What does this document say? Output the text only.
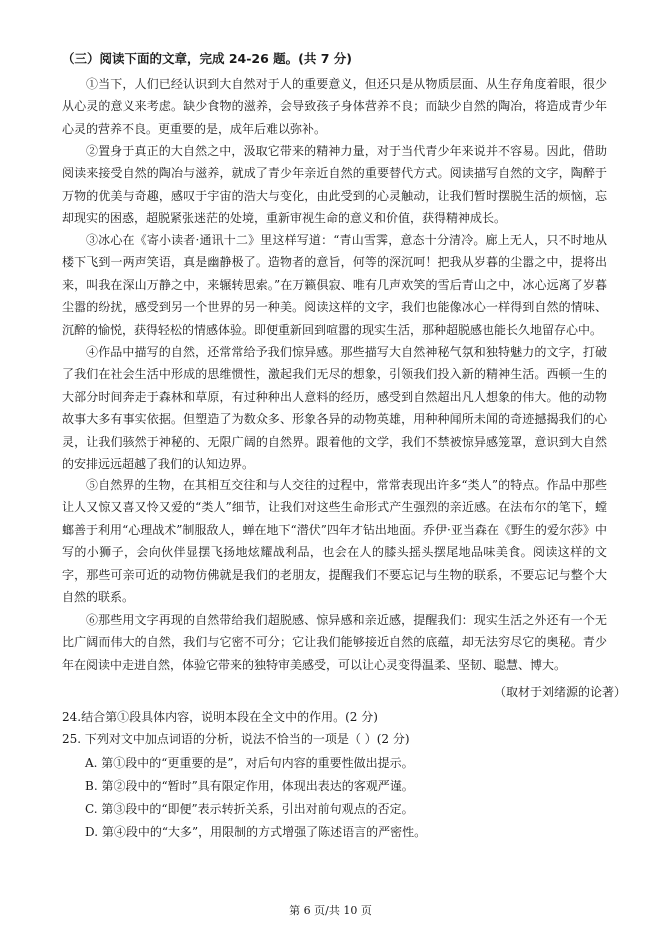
（三）阅读下面的文章，完成 24-26 题。(共 7 分)

①当下，人们已经认识到大自然对于人的重要意义，但还只是从物质层面、从生存角度着眼，很少从心灵的意义来考虑。缺少食物的滋养，会导致孩子身体营养不良；而缺少自然的陶冶，将造成青少年心灵的营养不良。更重要的是，成年后难以弥补。

②置身于真正的大自然之中，汲取它带来的精神力量，对于当代青少年来说并不容易。因此，借助阅读来接受自然的陶冶与滋养，就成了青少年亲近自然的重要替代方式。阅读描写自然的文字，陶醉于万物的优美与奇趣，感叹于宇宙的浩大与变化，由此受到的心灵触动，让我们暂时摆脱生活的烦恼，忘却现实的困惑，超脱紧张迷茫的处境，重新审视生命的意义和价值，获得精神成长。

③冰心在《寄小读者·通讯十二》里这样写道：“青山雪霁，意态十分清冷。廊上无人，只不时地从楼下飞到一两声笑语，真是幽静极了。造物者的意旨，何等的深沉呵！把我从岁暮的尘嚣之中，提将出来，叫我在深山万静之中，来辗转思索。”在万籁俱寂、唯有几声欢笑的雪后青山之中，冰心远离了岁暮尘嚣的纷扰，感受到另一个世界的另一种美。阅读这样的文字，我们也能像冰心一样得到自然的情味、沉醉的愉悦，获得轻松的情感体验。即便重新回到喧嚣的现实生活，那种超脱感也能长久地留存心中。

④作品中描写的自然，还常常给予我们惊异感。那些描写大自然神秘气氛和独特魅力的文字，打破了我们在社会生活中形成的思维惯性，激起我们无尽的想象，引领我们投入新的精神生活。西顿一生的大部分时间奔走于森林和草原，有过种种出人意料的经历，感受到自然超出凡人想象的伟大。他的动物故事大多有事实依据。但塑造了为数众多、形象各异的动物英雄，用种种闻所未闻的奇迹撼揭我们的心灵，让我们骇然于神秘的、无限广阔的自然界。跟着他的文学，我们不禁被惊异感笼罩，意识到大自然的安排远远超越了我们的认知边界。

⑤自然界的生物，在其相互交往和与人交往的过程中，常常表现出许多“类人”的特点。作品中那些让人又惊又喜又怜又爱的“类人”细节，让我们对这些生命形式产生强烈的亲近感。在法布尔的笔下，螳螂善于利用“心理战术”制服敌人，蝉在地下“潜伏”四年才钻出地面。乔伊·亚当森在《野生的爱尔莎》中写的小狮子，会向伙伴显摆飞扬地炫耀战利品，也会在人的膝头摇头摆尾地品味美食。阅读这样的文字，那些可亲可近的动物仿佛就是我们的老朋友，提醒我们不要忘记与生物的联系，不要忘记与整个大自然的联系。

⑥那些用文字再现的自然带给我们超脱感、惊异感和亲近感，提醒我们：现实生活之外还有一个无比广阔而伟大的自然，我们与它密不可分；它让我们能够接近自然的底蕴，却无法穷尽它的奥秘。青少年在阅读中走进自然，体验它带来的独特审美感受，可以让心灵变得温柔、坚韧、聪慧、博大。

（取材于刘绪源的论著）
24.结合第①段具体内容，说明本段在全文中的作用。(2 分)
25. 下列对文中加点词语的分析，说法不恰当的一项是（ ）(2 分)
A. 第①段中的“更重要的是”，对后句内容的重要性做出提示。
B. 第②段中的“暂时”具有限定作用，体现出表达的客观严谨。
C. 第③段中的“即便”表示转折关系，引出对前句观点的否定。
D. 第④段中的“大多”，用限制的方式增强了陈述语言的严密性。
第 6 页/共 10 页
